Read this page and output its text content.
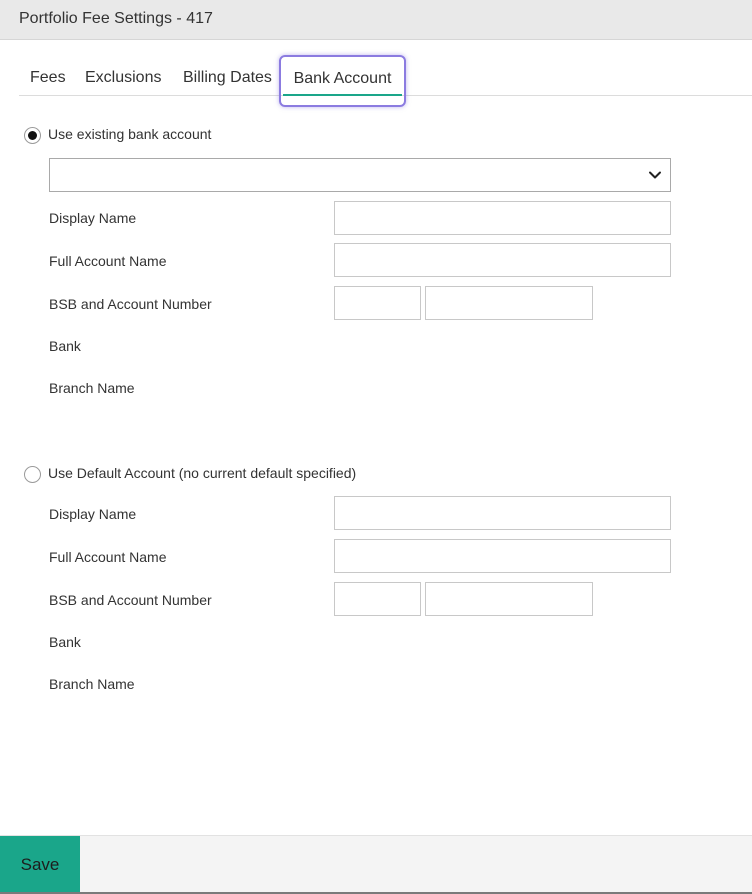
Portfolio Fee Settings - 417
Fees Exclusions Billing Dates	Bank Account
Use existing bank account
Display Name
Full Account Name
BSB and Account Number
Bank
Branch Name
Use Default Account (no current default specified)
Display Name
Full Account Name
BSB and Account Number
Bank
Branch Name
Save
